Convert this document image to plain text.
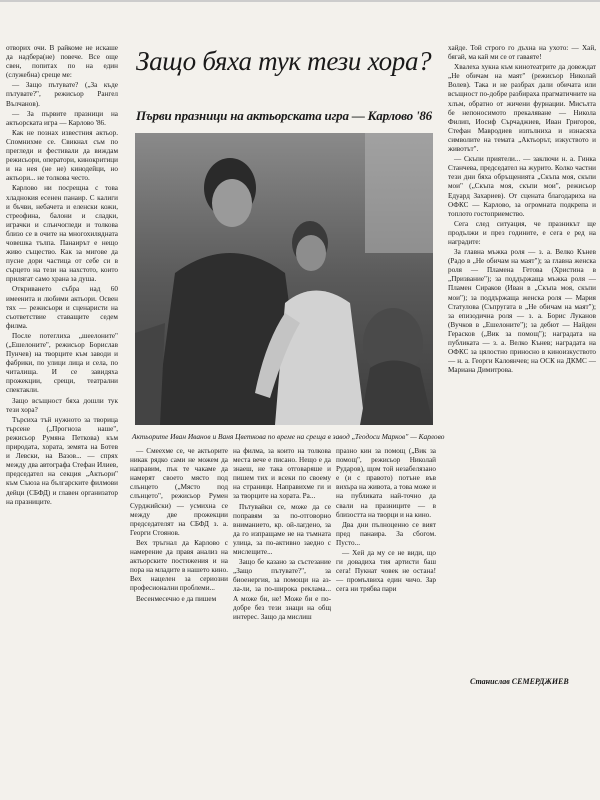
отворих очи. В райкоме не искаше да надбера(не) повече. Все още свен, попитах по на един (служебна) среще ме:

— Защо пътувате? („За къде пътувате?", режисьор Рангел Вълчанов).

— За първите празници на актьорската игра — Карлово '86.

Как не познах известния актьор. Спомнихме се. Свикнал съм по прегледи и фестивали да виждам режисьори, оператори, кинокритици и на нея (не не) кинодейци, но актьори... не толкова често.

Карлово ни посрещна с това хладнокия есенен панаир. С калиги и бъчви, небачета и еленски кожи, стреофина, балони и сладки, играчки и слънчогледи и толкова близо се в очите на многохилядната човешка тълпа. Панаирът е нещо живо същество. Как за мигове да пусне дори частица от себе си в сърцето на тези на нахстото, които прилягат само храна за душа.

Откриването събра над 60 имеенита и любими актьори. Освен тях — режисьори и сценаристи на съответствие ставащите седем филма.

После потеглиха „шеелоните" („Ешелоните", режисьор Борислав Пунчев) на творците към заводи и фабрики, по улици лица и села, по читалища. И се завидяха прожекции, срещи, театрални спектакли.

Защо всъщност бяха дошли тук тези хора?

Търсиха тъй нужното за творица търсене („Прогноза наше", режисьор Румяна Петкова) към природата, хората, земята на Ботев и Левски, на Вазов... — спрях между два автографа Стефан Илиев, председател на секция „Актьори" към Съюза на българските филмови дейци (СБФД) и главен организатор на празниците.

Защо бяха тук тези хора?
Първи празници на актьорската игра — Карлово '86
Актьорите Иван Иванов и Ваня Цветкова по време на среща в завод „Теодоси Марков" — Карлово

— Смеехме се, че актьорите никак рядко сами не можем да направим, пък те чакаме да намерят своето място под слънцето („Място под слънцето", режисьор Румен Сурджийски) — усмихна се между две прожекции председателят на СБФД з. а. Георги Стоянов.

Вех тръгнал да Карлово с намерение да правя анализ на актьорските постижения и на пора на младите в нашето кино. Вех нацелен за сериозни професионални проблеми...

Весенмесечно е да пишем

на филма, за които на толкова места вече е писано. Нещо е да знаеш, не така отговаряше и пишем тих и всеки по своему на страници. Направихме ги и за творците на хората. Ра...

Пътувайки се, може да се поправям за по-отговорно вниманието, кр. ой-лагдено, за да го изпращаме не на тъмната улица, за по-активно заедно с мислещите...

Защо бе казано за състезание „Защо пътувате?", за биоенергия, за помощи на аз-ла-ли, за по-широка реклама... А може би, не! Може би е по-добре без тези знаци на общ интерес. Защо да мислиш

празно кин за помощ („Вик за помощ", режисьор Николай Рударов), щом той незабелязано е (и с правото) потъне във вихъра на живота, а това може и на публиката най-точно да свали на празниците — в близостта на творци и на кино.

Два дни пълноценно се вият пред панаира. За сбогом. Пусто...

— Хей да му се не види, що ги довадиха тия артисти баш сега! Пукнат човек не остана! — промълвиха един чичо. Зар сега ни трябва пари

хайде. Той строго го дъхна на ухото: — Хай, бягай, ма кай ми се от гаваяте!

Хвалеха хукна към кинотеатрите да довеждат „Не обичам на маят" (режисьор Николай Волев). Така и не разбрах дали обичата или всъщност по-добре разбираха прагматичните на хлъм, обратно от жичени фурнации. Мисълта бе непоносимото прекаляване — Никола Филип, Иосиф Сърчаджиев, Иван Григоров, Стефан Мавродиев изпълниха и изнасяха символите на темата „Актьорът, изкуството и животът".

— Скъпи приятели... — заключи н. а. Гинка Станчева, председател на журито. Колко частни тези дни бяха обръщенията „Скъпа моя, скъпи мои" („Скъпа моя, скъпи мои", режисьор Едуард Захариев). От сцената благодариха на ОФКС — Карлово, за огромната подкрепа и топлото гостоприемство.

Сега след ситуация, че празникът ще продължи и през годините, е сега е ред на наградите:

За главна мъжка роля — з. а. Велко Кънев (Радо в „Не обичам на маят"); за главна женска роля — Пламена Гетова (Христина в „Призвание"); за поддържаща мъжка роля — Пламен Сираков (Иван в „Скъпа моя, скъпи мои"); за поддържаща женска роля — Мария Статулова (Съпругата в „Не обичам на маят"); за епизодична роля — з. а. Борис Луканов (Вучков в „Ешелоните"); за дебют — Найден Герасков („Вик за помощ"); наградата на публиката — з. а. Велко Кънев; наградата на ОФКС за цялостно приносно в киноизкуството — н. а. Георги Калоянчев; на ОСК на ДКМС — Мариана Димитрова.

Станислав СЕМЕРДЖИЕВ
